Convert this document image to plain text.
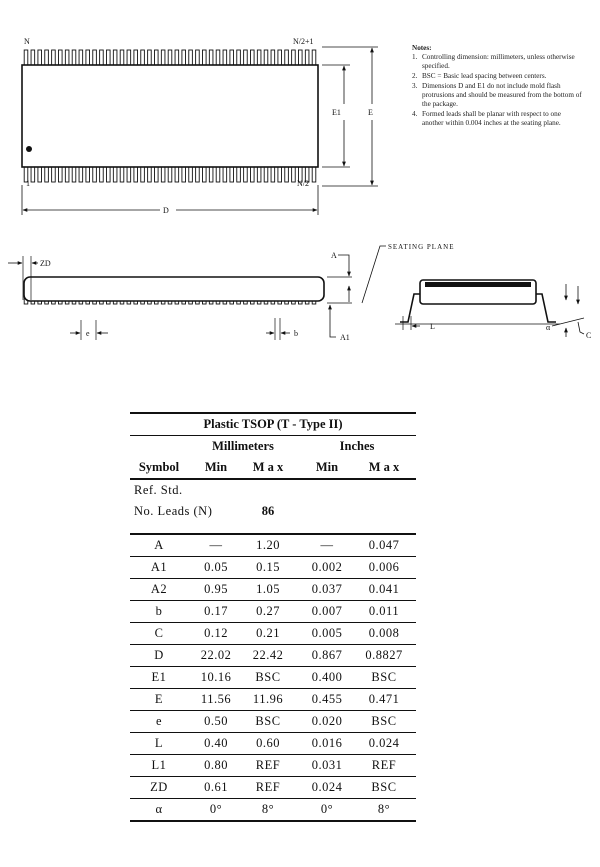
N	N/2+1
1	N/2
D
E1	E
ZD
e	b
A
A1
SEATING PLANE
L	α
C
Notes:
1. Controlling dimension: millimeters, unless otherwise specified.
2. BSC = Basic lead spacing between centers.
3. Dimensions D and E1 do not include mold flash protrusions and should be measured from the bottom of the package.
4. Formed leads shall be planar with respect to one another within 0.004 inches at the seating plane.
Plastic TSOP (T - Type II)
Millimeters	Inches
Symbol	Min	M a x	Min	M a x
Ref. Std.
No. Leads (N)	86
A	—	1.20	—	0.047
A1	0.05	0.15	0.002	0.006
A2	0.95	1.05	0.037	0.041
b	0.17	0.27	0.007	0.011
C	0.12	0.21	0.005	0.008
D	22.02	22.42	0.867	0.8827
E1	10.16	BSC	0.400	BSC
E	11.56	11.96	0.455	0.471
e	0.50	BSC	0.020	BSC
L	0.40	0.60	0.016	0.024
L1	0.80	REF	0.031	REF
ZD	0.61	REF	0.024	BSC
α	0°	8°	0°	8°
